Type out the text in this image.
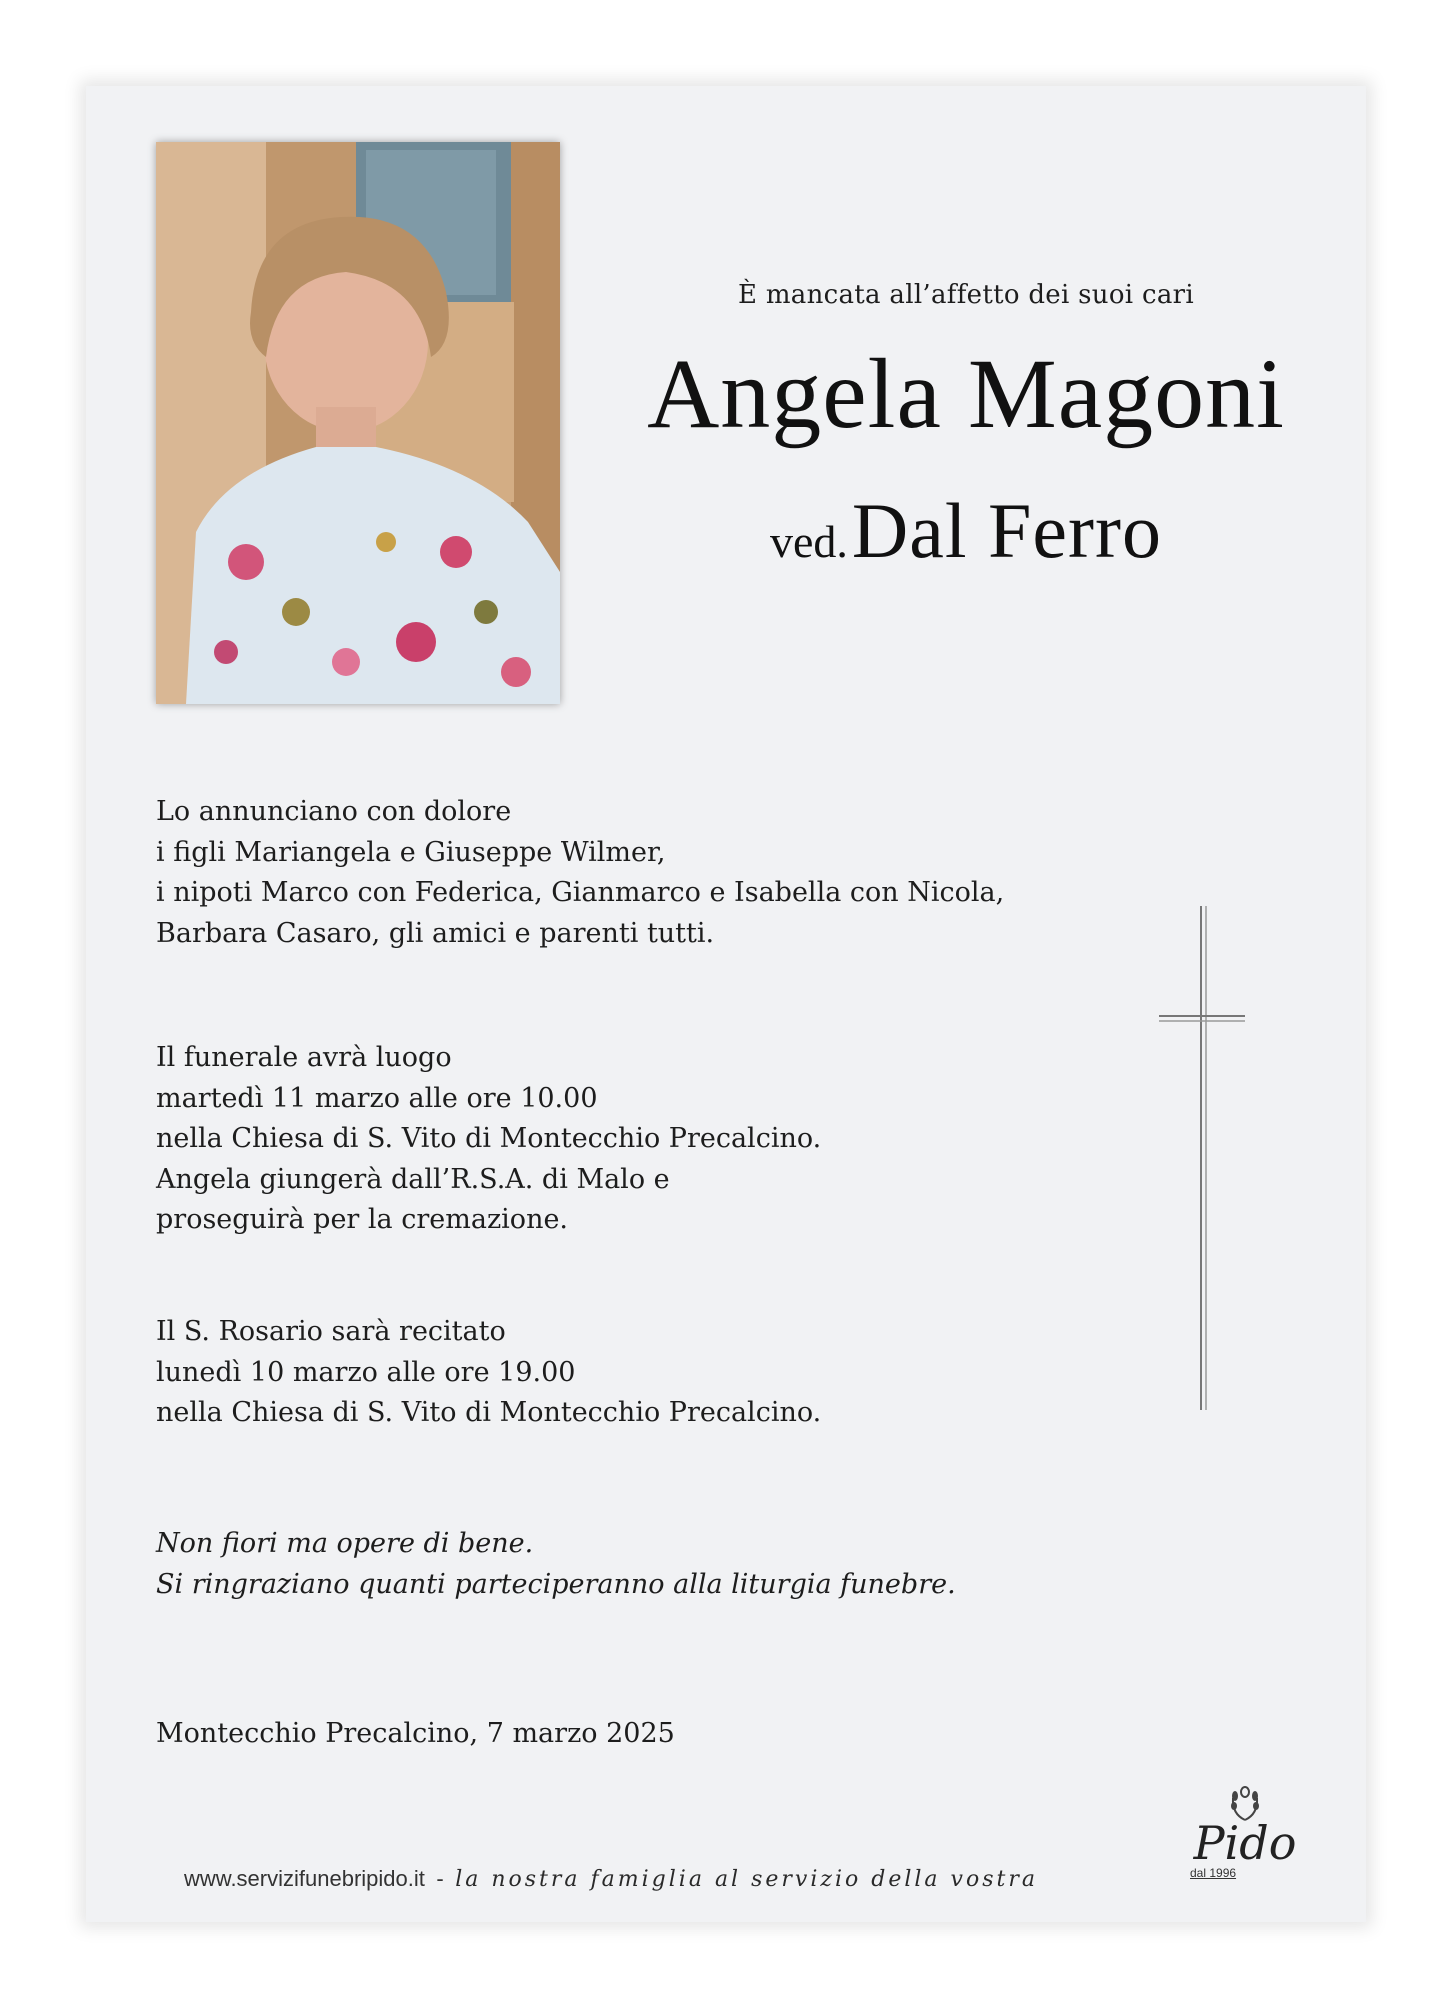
È mancata all’affetto dei suoi cari
Angela Magoni
ved. Dal Ferro

Lo annunciano con dolore

i figli Mariangela e Giuseppe Wilmer,

i nipoti Marco con Federica, Gianmarco e Isabella con Nicola,

Barbara Casaro, gli amici e parenti tutti.

Il funerale avrà luogo

martedì 11 marzo alle ore 10.00

nella Chiesa di S. Vito di Montecchio Precalcino.

Angela giungerà dall’R.S.A. di Malo e

proseguirà per la cremazione.

Il S. Rosario sarà recitato

lunedì 10 marzo alle ore 19.00

nella Chiesa di S. Vito di Montecchio Precalcino.

Non fiori ma opere di bene.

Si ringraziano quanti parteciperanno alla liturgia funebre.

Montecchio Precalcino, 7 marzo 2025
Pido
dal 1996
www.servizifunebripido.it - la nostra famiglia al servizio della vostra
